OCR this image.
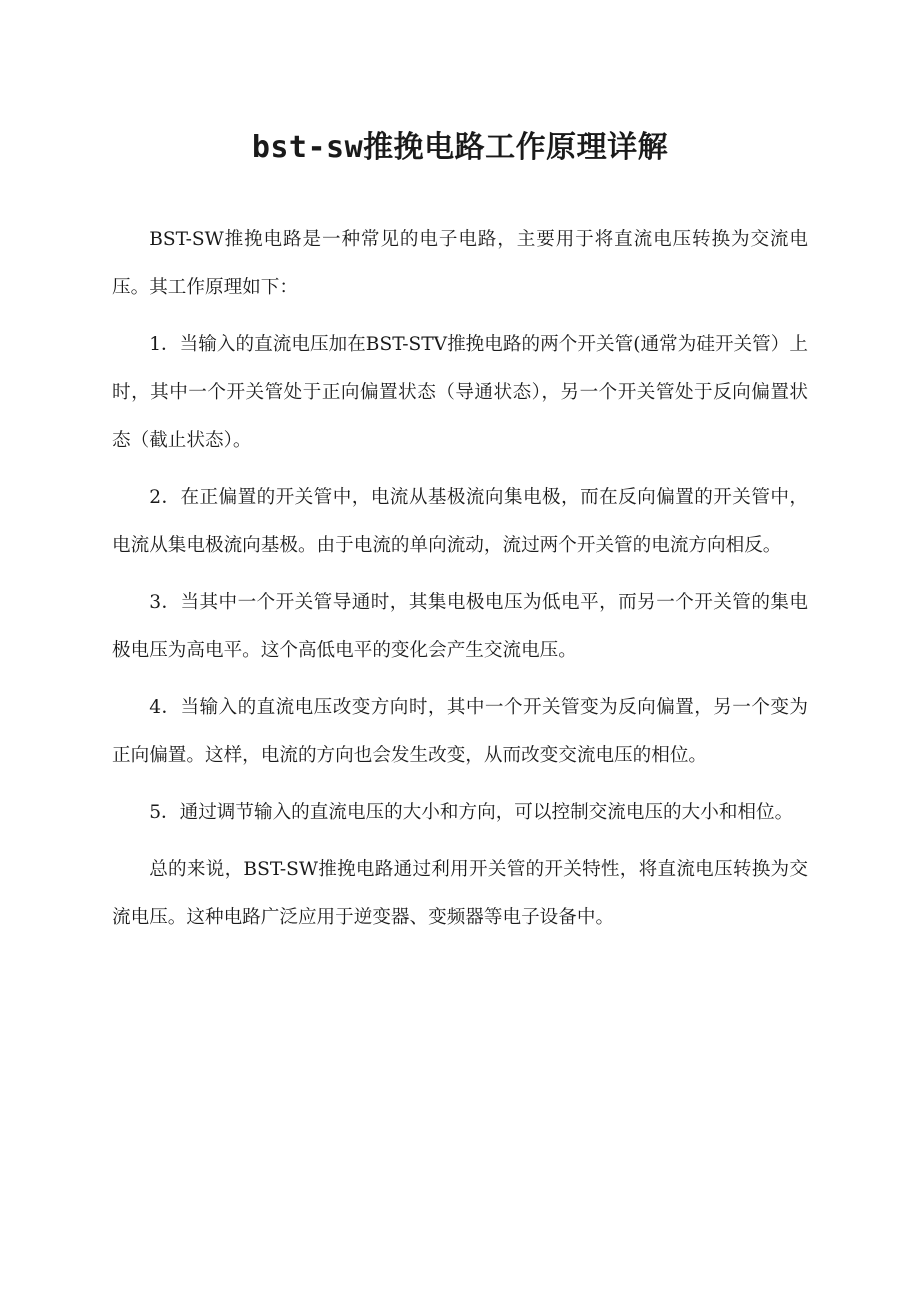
bst-sw推挽电路工作原理详解

BST-SW推挽电路是一种常见的电子电路，主要用于将直流电压转换为交流电压。其工作原理如下：

1．当输入的直流电压加在BST-STV推挽电路的两个开关管(通常为硅开关管）上时，其中一个开关管处于正向偏置状态（导通状态），另一个开关管处于反向偏置状态（截止状态）。

2．在正偏置的开关管中，电流从基极流向集电极，而在反向偏置的开关管中，电流从集电极流向基极。由于电流的单向流动，流过两个开关管的电流方向相反。

3．当其中一个开关管导通时，其集电极电压为低电平，而另一个开关管的集电极电压为高电平。这个高低电平的变化会产生交流电压。

4．当输入的直流电压改变方向时，其中一个开关管变为反向偏置，另一个变为正向偏置。这样，电流的方向也会发生改变，从而改变交流电压的相位。

5．通过调节输入的直流电压的大小和方向，可以控制交流电压的大小和相位。

总的来说，BST-SW推挽电路通过利用开关管的开关特性，将直流电压转换为交流电压。这种电路广泛应用于逆变器、变频器等电子设备中。
